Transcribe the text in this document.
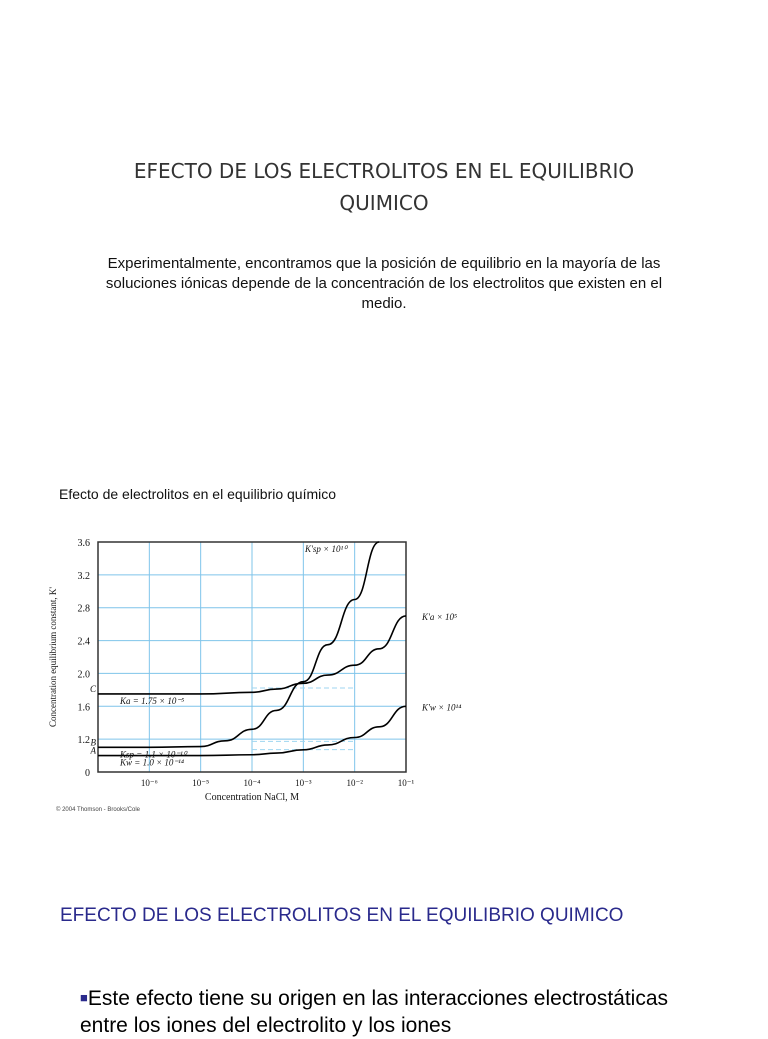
EFECTO DE LOS ELECTROLITOS EN EL EQUILIBRIO QUIMICO
Experimentalmente, encontramos que la posición de equilibrio en la mayoría de las soluciones iónicas depende de la concentración de los electrolitos que existen en el medio.
Efecto de electrolitos en el equilibrio químico
0
1.2
1.6
2.0
2.4
2.8
3.2
3.6
10⁻⁶	10⁻⁵	10⁻⁴	10⁻³	10⁻²	10⁻¹
K'sp × 10¹⁰
K'a × 10⁵
K'w × 10¹⁴
C
Ka = 1.75 × 10⁻⁵
B
Ksp = 1.1 × 10⁻¹⁰
A
Kw = 1.0 × 10⁻¹⁴
Concentration NaCl, M
Concentration equilibrium constant, K'
© 2004 Thomson - Brooks/Cole
EFECTO DE LOS ELECTROLITOS EN EL EQUILIBRIO QUIMICO
■Este efecto tiene su origen en las interacciones electrostáticas entre los iones del electrolito y los iones
